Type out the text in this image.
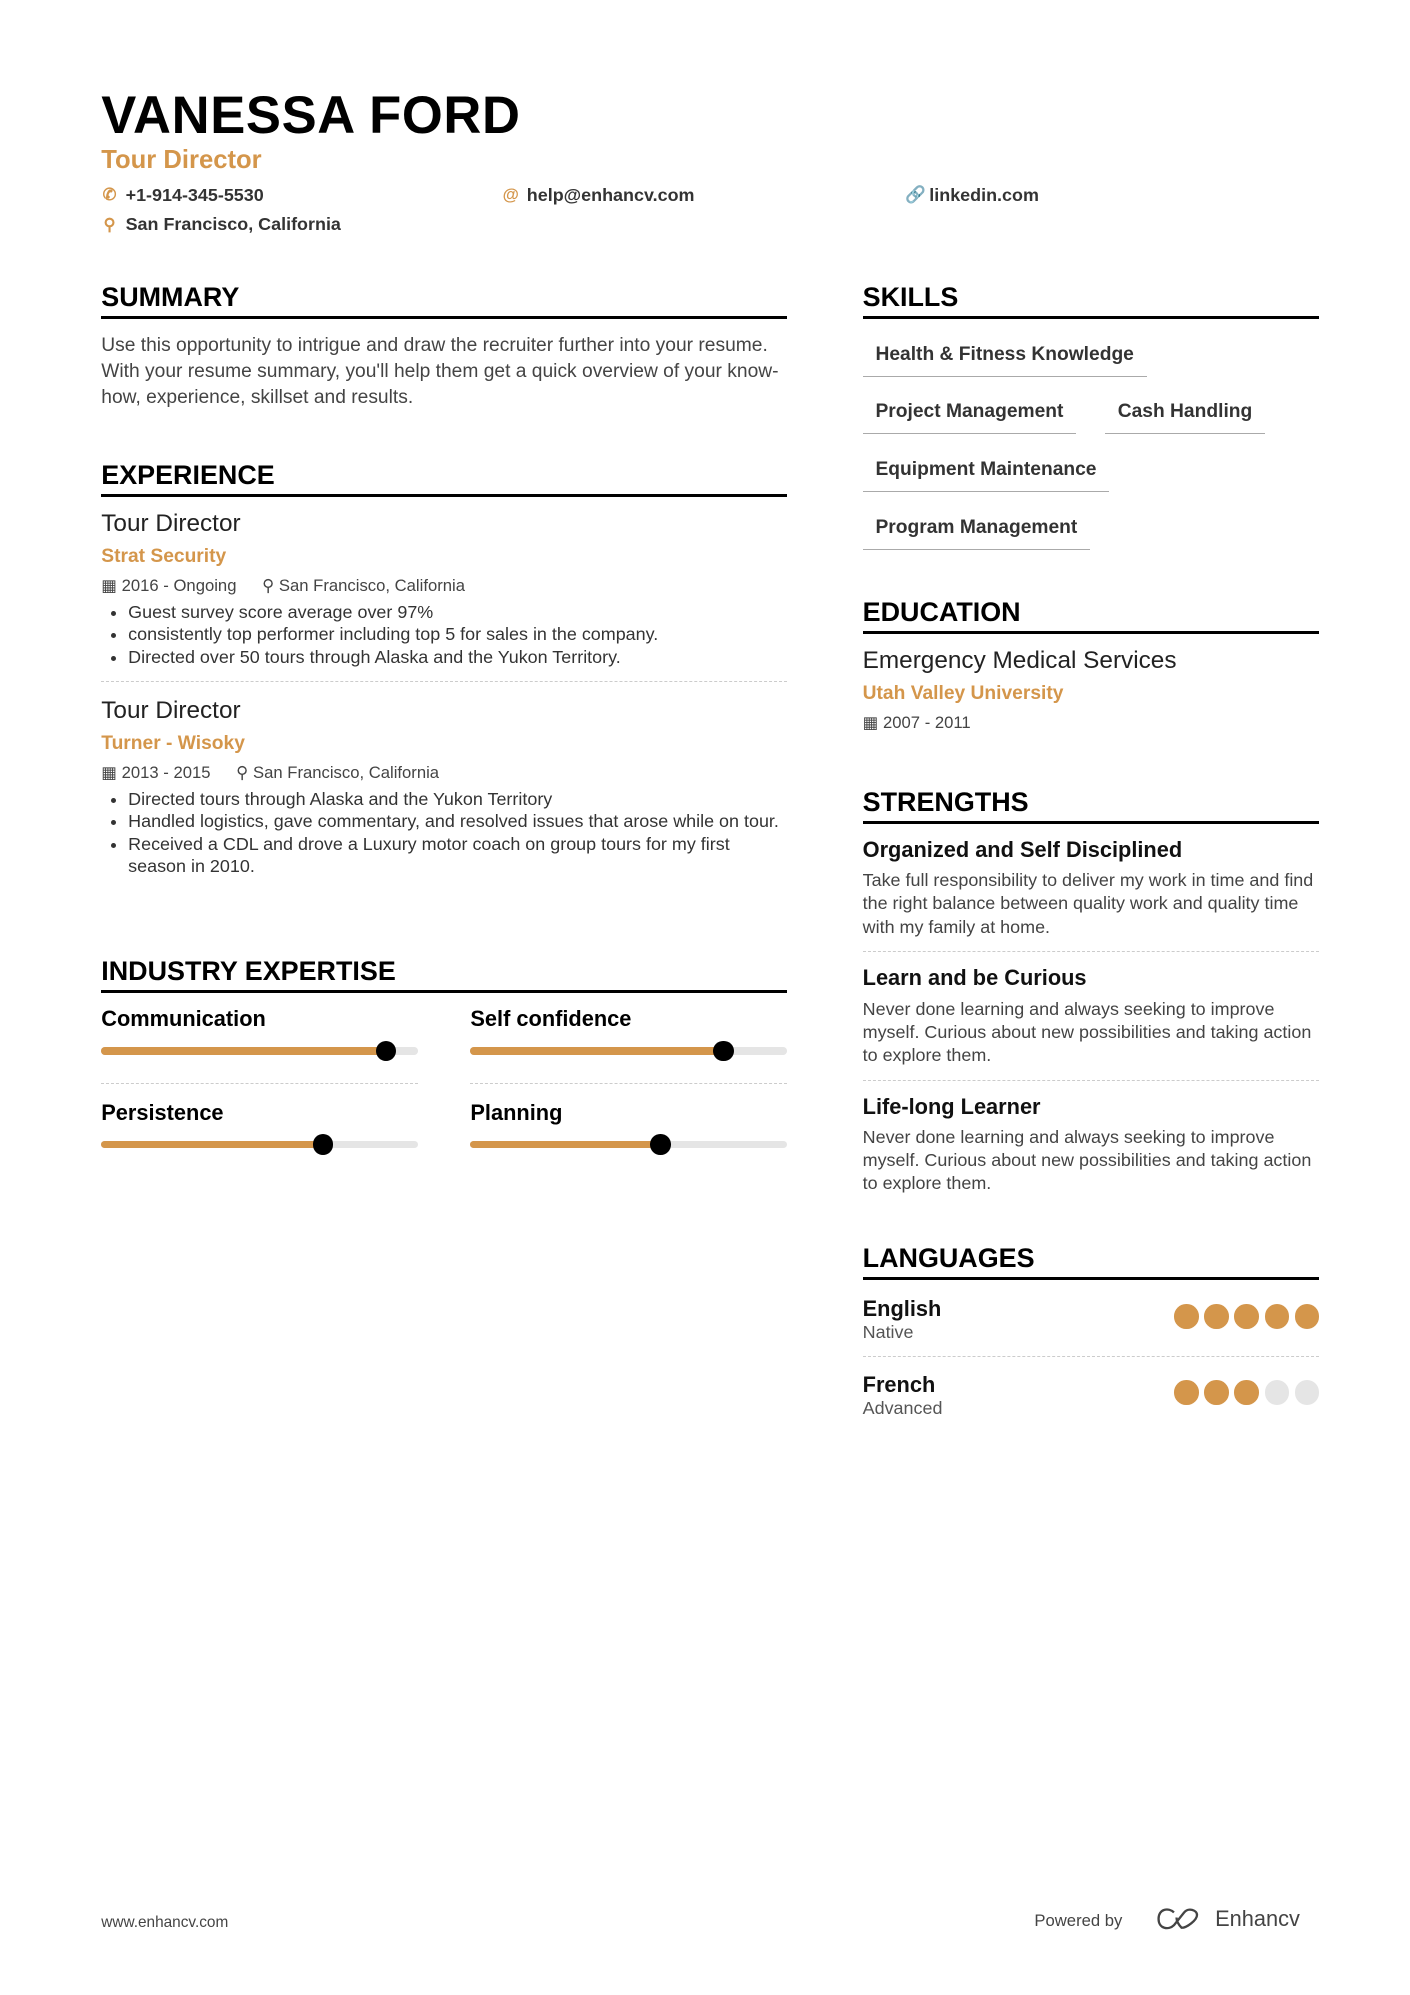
VANESSA FORD
Tour Director
✆ +1-914-345-5530	@ help@enhancv.com	🔗 linkedin.com
⚲ San Francisco, California
SUMMARY
Use this opportunity to intrigue and draw the recruiter further into your resume. With your resume summary, you'll help them get a quick overview of your know-how, experience, skillset and results.
EXPERIENCE
Tour Director
Strat Security
▦ 2016 - Ongoing ⚲ San Francisco, California
• Guest survey score average over 97%
• consistently top performer including top 5 for sales in the company.
• Directed over 50 tours through Alaska and the Yukon Territory.
Tour Director
Turner - Wisoky
▦ 2013 - 2015 ⚲ San Francisco, California
• Directed tours through Alaska and the Yukon Territory
• Handled logistics, gave commentary, and resolved issues that arose while on tour.
• Received a CDL and drove a Luxury motor coach on group tours for my first season in 2010.
INDUSTRY EXPERTISE
Communication	Self confidence
Persistence	Planning
SKILLS
Health & Fitness Knowledge
Project Management	Cash Handling
Equipment Maintenance
Program Management
EDUCATION
Emergency Medical Services
Utah Valley University
▦ 2007 - 2011
STRENGTHS
Organized and Self Disciplined
Take full responsibility to deliver my work in time and find the right balance between quality work and quality time with my family at home.
Learn and be Curious
Never done learning and always seeking to improve myself. Curious about new possibilities and taking action to explore them.
Life-long Learner
Never done learning and always seeking to improve myself. Curious about new possibilities and taking action to explore them.
LANGUAGES
English
Native
French
Advanced
www.enhancv.com	Powered by	Enhancv
